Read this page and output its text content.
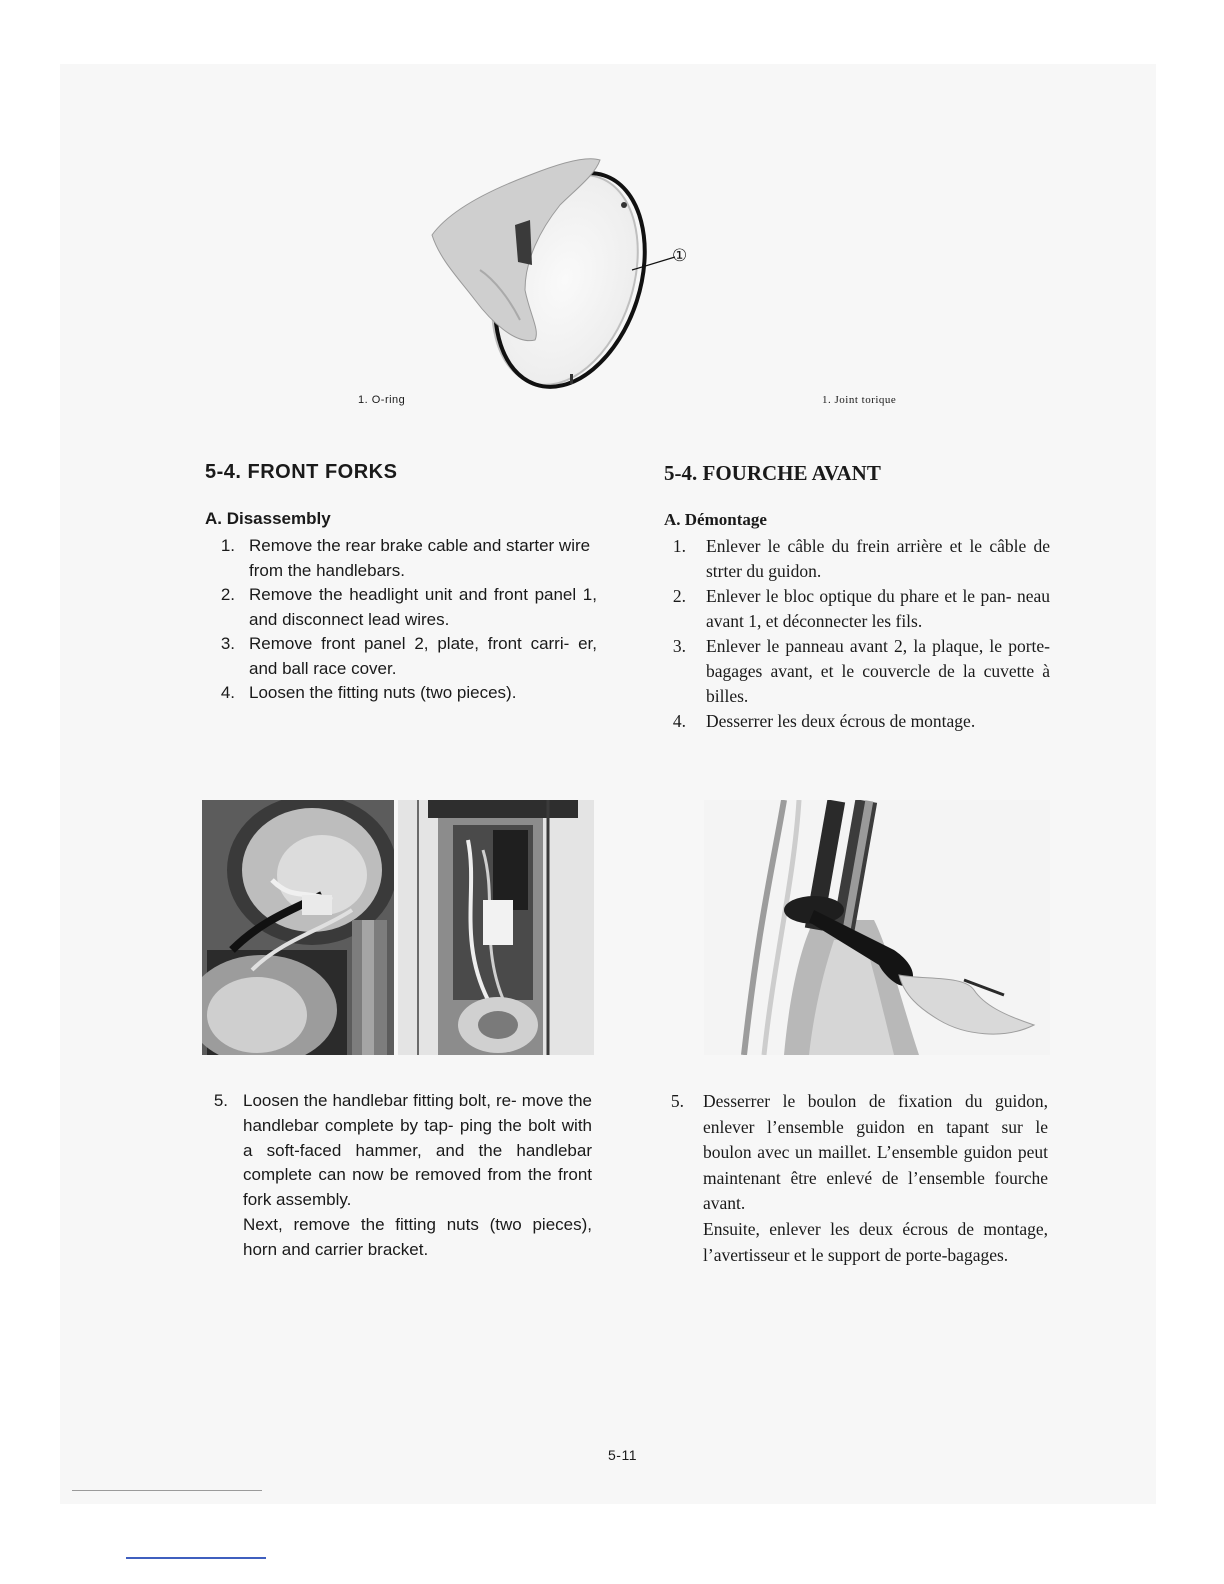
①
1. O-ring	1. Joint torique
5-4. FRONT FORKS
A. Disassembly
1. Remove the rear brake cable and starter wire from the handlebars.
2. Remove the headlight unit and front panel 1, and disconnect lead wires.
3. Remove front panel 2, plate, front carri- er, and ball race cover.
4. Loosen the fitting nuts (two pieces).
5-4. FOURCHE AVANT
A. Démontage
1. Enlever le câble du frein arrière et le câble de strter du guidon.
2. Enlever le bloc optique du phare et le pan- neau avant 1, et déconnecter les fils.
3. Enlever le panneau avant 2, la plaque, le porte-bagages avant, et le couvercle de la cuvette à billes.
4. Desserrer les deux écrous de montage.
5. Loosen the handlebar fitting bolt, re- move the handlebar complete by tap- ping the bolt with a soft-faced hammer, and the handlebar complete can now be removed from the front fork assembly.
Next, remove the fitting nuts (two pieces), horn and carrier bracket.
5. Desserrer le boulon de fixation du guidon, enlever l’ensemble guidon en tapant sur le boulon avec un maillet. L’ensemble guidon peut maintenant être enlevé de l’ensemble fourche avant.
Ensuite, enlever les deux écrous de montage, l’avertisseur et le support de porte-bagages.
5-11
